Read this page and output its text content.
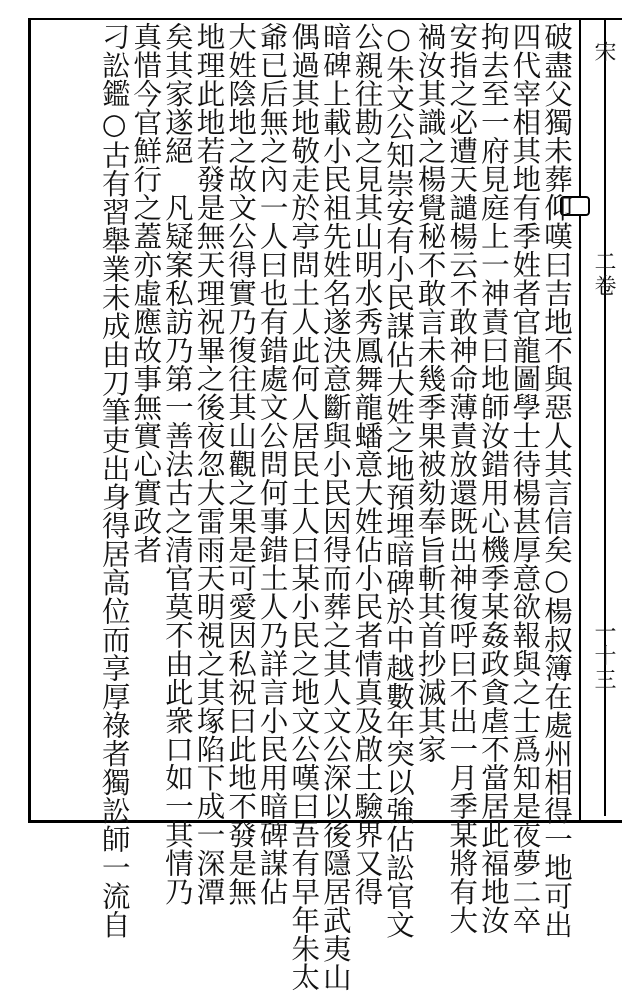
宋
二卷
一十三
破盡父獨未葬仰嘆曰吉地不與惡人其言信矣○楊叔簿在處州相得一地可出
四代宰相其地有季姓者官龍圖學士待楊甚厚意欲報與之士爲知是夜夢二卒
拘去至一府見庭上一神責曰地師汝錯用心機季某姦政貪虐不當居此福地汝
安指之必遭天譴楊云不敢神命薄責放還既出神復呼曰不出一月季某將有大
禍汝其識之楊覺秘不敢言未幾季果被劾奉旨斬其首抄滅其家
○朱文公知崇安有小民謀佔大姓之地預埋暗碑於中越數年突以強佔訟官文
公親往勘之見其山明水秀鳳舞龍蟠意大姓佔小民者情真及啟土驗界又得
暗碑上載小民祖先姓名遂決意斷與小民因得而葬之其人文公深以後隱居武夷山
偶過其地敬走於亭問土人此何人居民土人曰某小民之地文公嘆曰吾有早年朱太
爺已后無之內一人曰也有錯處文公問何事錯土人乃詳言小民用暗碑謀佔
大姓陰地之故文公得實乃復往其山觀之果是可愛因私祝曰此地不發是無
地理此地若發是無天理祝畢之後夜忽大雷雨天明視之其塚陷下成一深潭
矣其家遂絕　凡疑案私訪乃第一善法古之清官莫不由此衆口如一其情乃
真惜今官鮮行之蓋亦虛應故事無實心實政者
刁訟鑑○古有習舉業未成由刀筆吏出身得居高位而享厚祿者獨訟師一流自
